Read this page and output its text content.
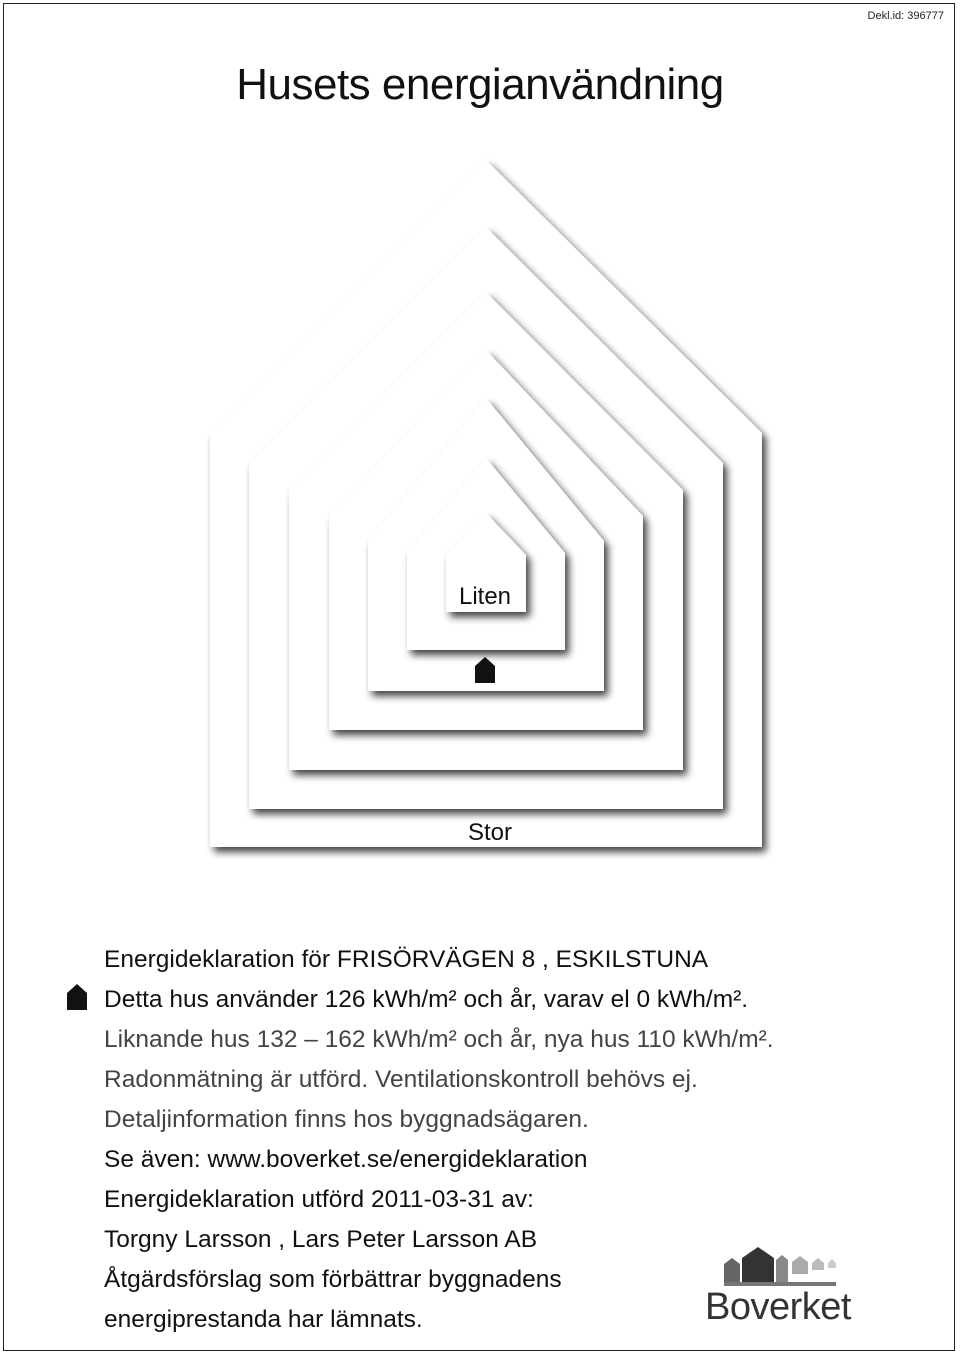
Dekl.id: 396777
Husets energianvändning
Liten
Stor
Energideklaration för FRISÖRVÄGEN 8 , ESKILSTUNA
Detta hus använder 126 kWh/m² och år, varav el 0 kWh/m².
Liknande hus 132 – 162 kWh/m² och år, nya hus 110 kWh/m².
Radonmätning är utförd. Ventilationskontroll behövs ej.
Detaljinformation finns hos byggnadsägaren.
Se även: www.boverket.se/energideklaration
Energideklaration utförd 2011-03-31 av:
Torgny Larsson , Lars Peter Larsson AB
Åtgärdsförslag som förbättrar byggnadens
energiprestanda har lämnats.	Boverket
